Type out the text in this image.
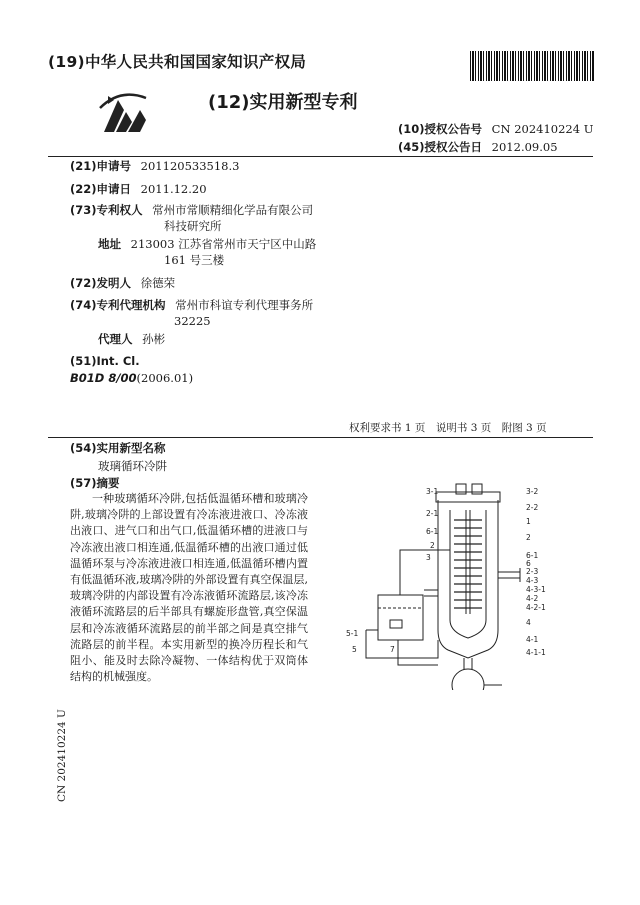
(19)中华人民共和国国家知识产权局
(12)实用新型专利
(10)授权公告号 CN 202410224 U
(45)授权公告日 2012.09.05
(21)申请号 201120533518.3
(22)申请日 2011.12.20
(73)专利权人 常州市常顺精细化学品有限公司
科技研究所
地址 213003 江苏省常州市天宁区中山路
161 号三楼
(72)发明人 徐德荣
(74)专利代理机构 常州市科谊专利代理事务所
32225
代理人 孙彬
(51)Int. Cl.
B01D 8/00(2006.01)
权利要求书 1 页　说明书 3 页　附图 3 页
(54)实用新型名称
玻璃循环冷阱
(57)摘要
一种玻璃循环冷阱,包括低温循环槽和玻璃冷阱,玻璃冷阱的上部设置有冷冻液进液口、冷冻液出液口、进气口和出气口,低温循环槽的进液口与冷冻液出液口相连通,低温循环槽的出液口通过低温循环泵与冷冻液进液口相连通,低温循环槽内置有低温循环液,玻璃冷阱的外部设置有真空保温层,玻璃冷阱的内部设置有冷冻液循环流路层,该冷冻液循环流路层的后半部具有螺旋形盘管,真空保温层和冷冻液循环流路层的前半部之间是真空排气流路层的前半程。本实用新型的换冷历程长和气阻小、能及时去除冷凝物、一体结构优于双筒体结构的机械强度。
CN 202410224 U
3-1	3-2
2-1
2-2
1
6-1
2
3
2
6-1
6
2-3
4-3
4-3-1
4-2
4-2-1
4
4-1
4-1-1
5-1
5	7
